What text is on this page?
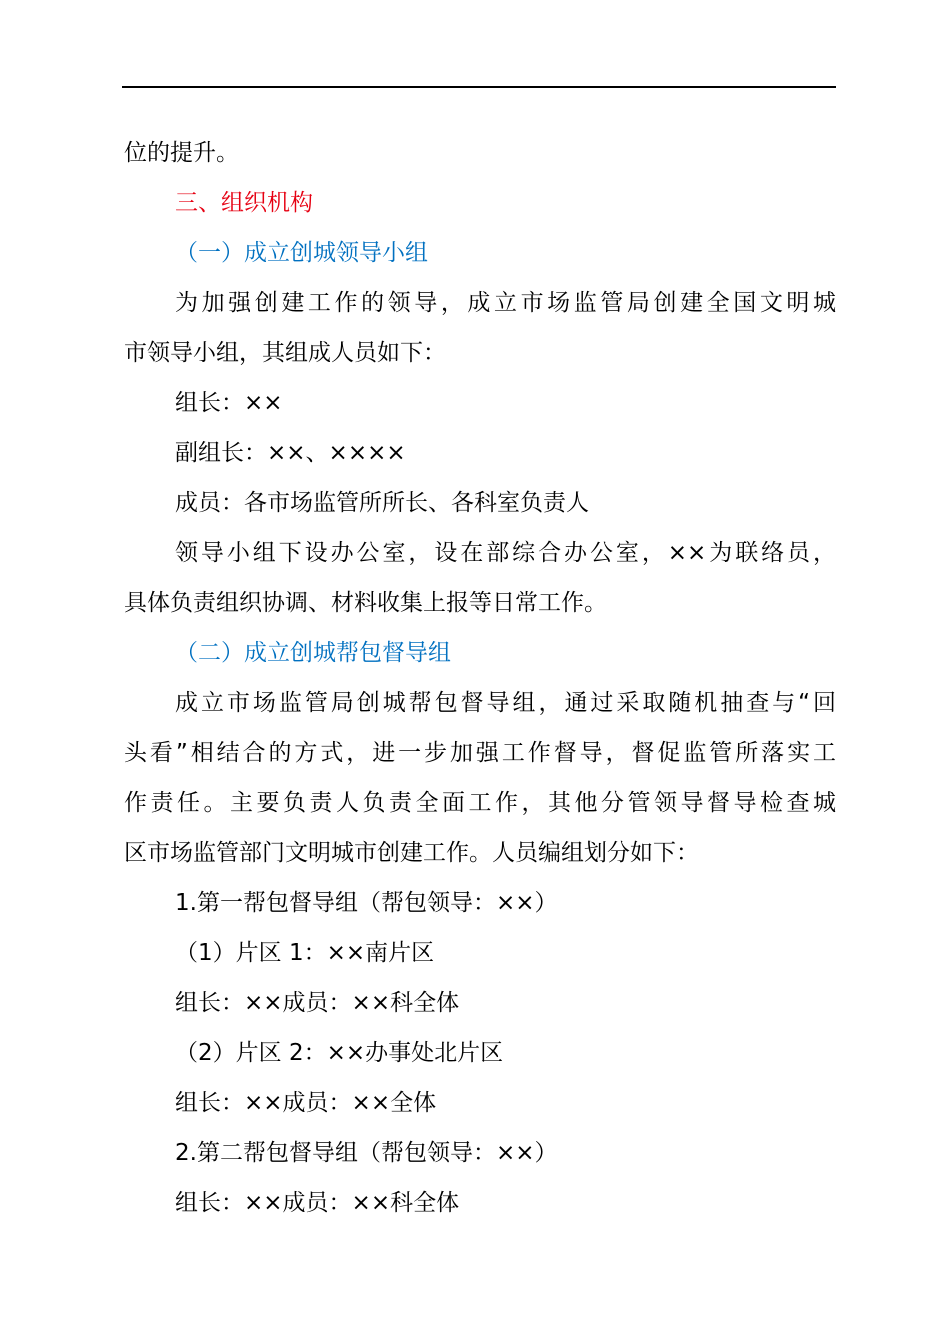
位的提升。
三、组织机构
（一）成立创城领导小组
为加强创建工作的领导，成立市场监管局创建全国文明城
市领导小组，其组成人员如下：
组长：××
副组长：××、××××
成员：各市场监管所所长、各科室负责人
领导小组下设办公室，设在部综合办公室，××为联络员，
具体负责组织协调、材料收集上报等日常工作。
（二）成立创城帮包督导组
成立市场监管局创城帮包督导组，通过采取随机抽查与“回
头看”相结合的方式，进一步加强工作督导，督促监管所落实工
作责任。主要负责人负责全面工作，其他分管领导督导检查城
区市场监管部门文明城市创建工作。人员编组划分如下：
1.第一帮包督导组（帮包领导：××）
（1）片区 1：××南片区
组长：××成员：××科全体
（2）片区 2：××办事处北片区
组长：××成员：××全体
2.第二帮包督导组（帮包领导：××）
组长：××成员：××科全体
